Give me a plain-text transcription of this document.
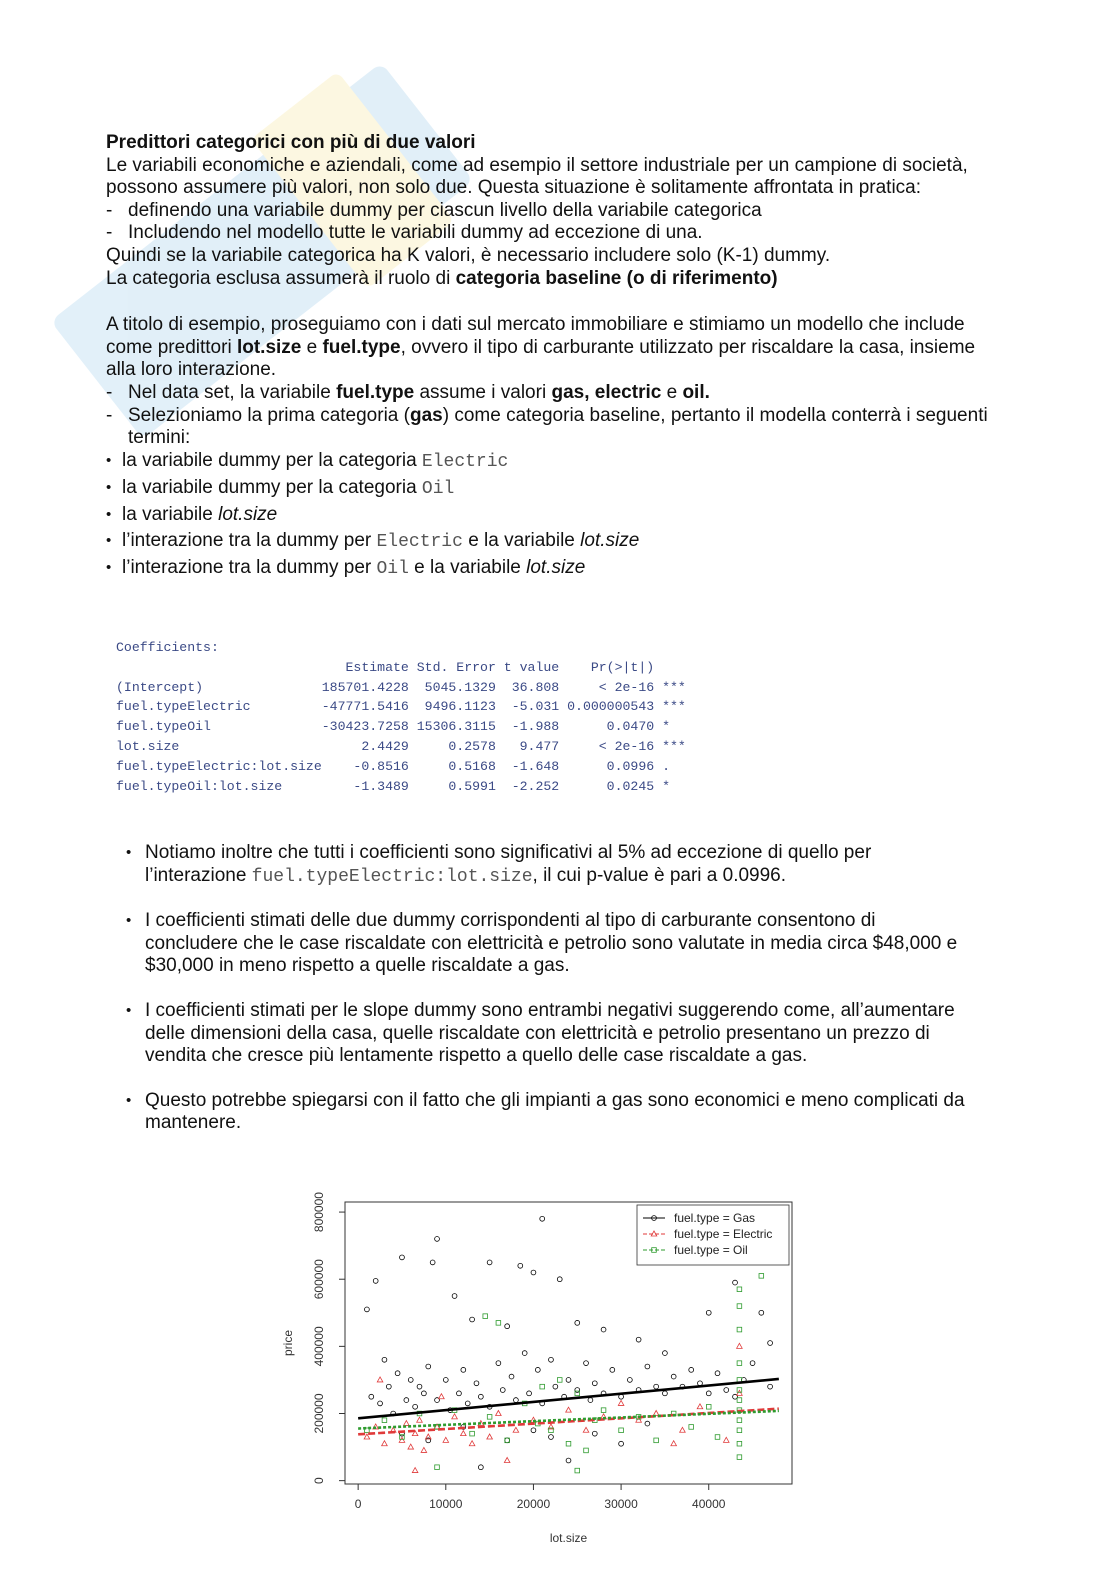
Predittori categorici con più di due valori

Le variabili economiche e aziendali, come ad esempio il settore industriale per un campione di società, possono assumere più valori, non solo due. Questa situazione è solitamente affrontata in pratica:

- definendo una variabile dummy per ciascun livello della variabile categorica
- Includendo nel modello tutte le variabili dummy ad eccezione di una.

Quindi se la variabile categorica ha K valori, è necessario includere solo (K-1) dummy.

La categoria esclusa assumerà il ruolo di categoria baseline (o di riferimento)

A titolo di esempio, proseguiamo con i dati sul mercato immobiliare e stimiamo un modello che include come predittori lot.size e fuel.type, ovvero il tipo di carburante utilizzato per riscaldare la casa, insieme alla loro interazione.

- Nel data set, la variabile fuel.type assume i valori gas, electric e oil.
- Selezioniamo la prima categoria (gas) come categoria baseline, pertanto il modella conterrà i seguenti termini:
• la variabile dummy per la categoria Electric
• la variabile dummy per la categoria Oil
• la variabile lot.size
• l’interazione tra la dummy per Electric e la variabile lot.size
• l’interazione tra la dummy per Oil e la variabile lot.size
Coefficients:
Estimate Std. Error t value    Pr(>|t|)
(Intercept)               185701.4228  5045.1329  36.808     < 2e-16 ***
fuel.typeElectric         -47771.5416  9496.1123  -5.031 0.000000543 ***
fuel.typeOil              -30423.7258 15306.3115  -1.988      0.0470 *
lot.size                       2.4429     0.2578   9.477     < 2e-16 ***
fuel.typeElectric:lot.size    -0.8516     0.5168  -1.648      0.0996 .
fuel.typeOil:lot.size         -1.3489     0.5991  -2.252      0.0245 *
• Notiamo inoltre che tutti i coefficienti sono significativi al 5% ad eccezione di quello per l’interazione fuel.typeElectric:lot.size, il cui p-value è pari a 0.0996.
• I coefficienti stimati delle due dummy corrispondenti al tipo di carburante consentono di concludere che le case riscaldate con elettricità e petrolio sono valutate in media circa $48,000 e $30,000 in meno rispetto a quelle riscaldate a gas.
• I coefficienti stimati per le slope dummy sono entrambi negativi suggerendo come, all’aumentare delle dimensioni della casa, quelle riscaldate con elettricità e petrolio presentano un prezzo di vendita che cresce più lentamente rispetto a quello delle case riscaldate a gas.
• Questo potrebbe spiegarsi con il fatto che gli impianti a gas sono economici e meno complicati da mantenere.
0	10000	20000	30000	40000
0
200000
400000
600000
800000
lot.size
price
fuel.type = Gas
fuel.type = Electric
fuel.type = Oil
